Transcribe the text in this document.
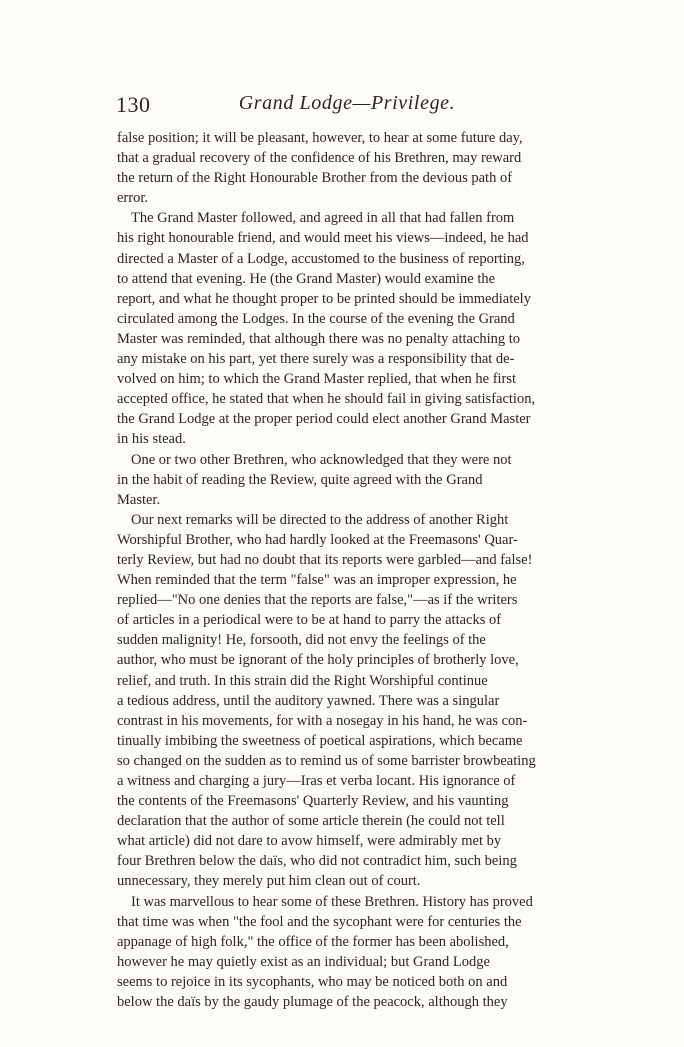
130	Grand Lodge—Privilege.
false position; it will be pleasant, however, to hear at some future day,
that a gradual recovery of the confidence of his Brethren, may reward
the return of the Right Honourable Brother from the devious path of
error.
The Grand Master followed, and agreed in all that had fallen from
his right honourable friend, and would meet his views—indeed, he had
directed a Master of a Lodge, accustomed to the business of reporting,
to attend that evening. He (the Grand Master) would examine the
report, and what he thought proper to be printed should be immediately
circulated among the Lodges. In the course of the evening the Grand
Master was reminded, that although there was no penalty attaching to
any mistake on his part, yet there surely was a responsibility that de-
volved on him; to which the Grand Master replied, that when he first
accepted office, he stated that when he should fail in giving satisfaction,
the Grand Lodge at the proper period could elect another Grand Master
in his stead.
One or two other Brethren, who acknowledged that they were not
in the habit of reading the Review, quite agreed with the Grand
Master.
Our next remarks will be directed to the address of another Right
Worshipful Brother, who had hardly looked at the Freemasons' Quar-
terly Review, but had no doubt that its reports were garbled—and false!
When reminded that the term "false" was an improper expression, he
replied—"No one denies that the reports are false,"—as if the writers
of articles in a periodical were to be at hand to parry the attacks of
sudden malignity! He, forsooth, did not envy the feelings of the
author, who must be ignorant of the holy principles of brotherly love,
relief, and truth. In this strain did the Right Worshipful continue
a tedious address, until the auditory yawned. There was a singular
contrast in his movements, for with a nosegay in his hand, he was con-
tinually imbibing the sweetness of poetical aspirations, which became
so changed on the sudden as to remind us of some barrister browbeating
a witness and charging a jury—Iras et verba locant. His ignorance of
the contents of the Freemasons' Quarterly Review, and his vaunting
declaration that the author of some article therein (he could not tell
what article) did not dare to avow himself, were admirably met by
four Brethren below the daïs, who did not contradict him, such being
unnecessary, they merely put him clean out of court.
It was marvellous to hear some of these Brethren. History has proved
that time was when "the fool and the sycophant were for centuries the
appanage of high folk," the office of the former has been abolished,
however he may quietly exist as an individual; but Grand Lodge
seems to rejoice in its sycophants, who may be noticed both on and
below the daïs by the gaudy plumage of the peacock, although they
